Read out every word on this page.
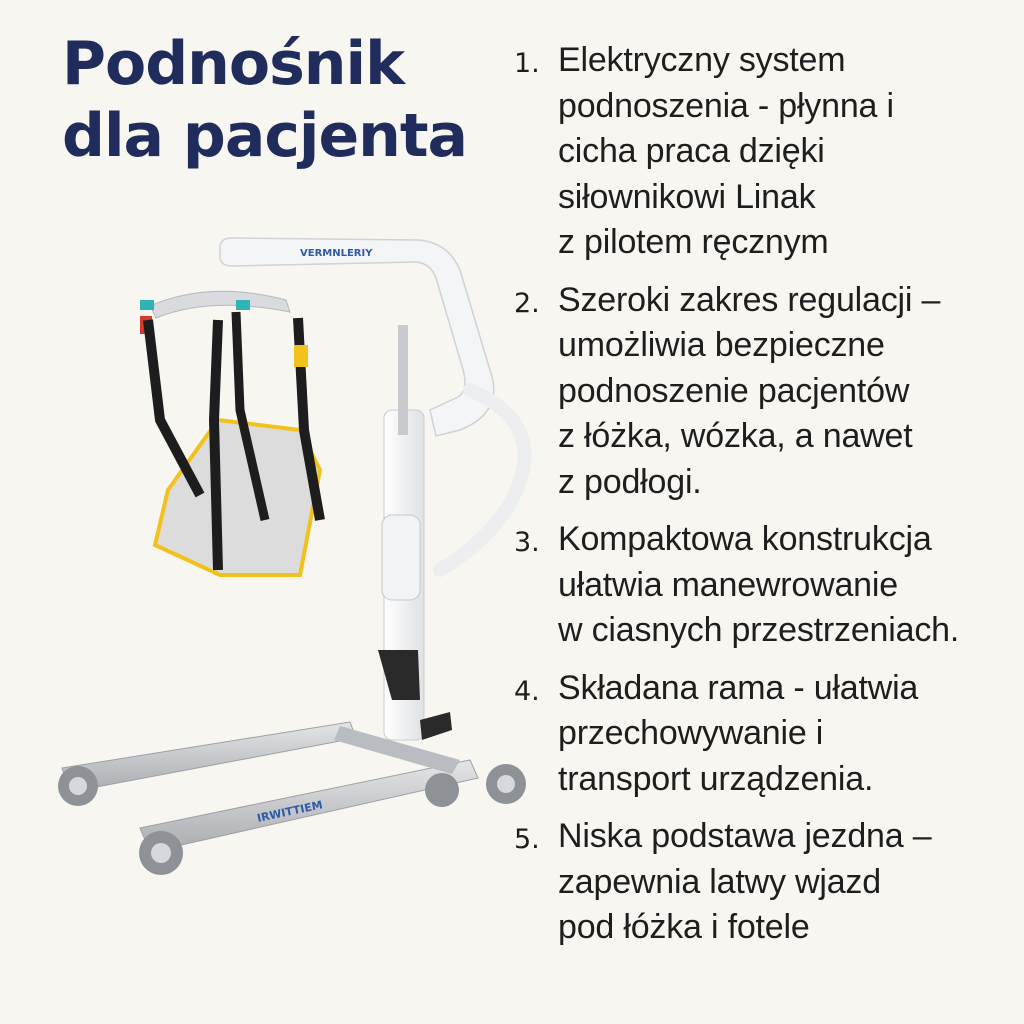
Podnośnik
dla pacjenta
1. Elektryczny system
podnoszenia - płynna i
cicha praca dzięki
siłownikowi Linak
z pilotem ręcznym
2. Szeroki zakres regulacji –
umożliwia bezpieczne
podnoszenie pacjentów
z łóżka, wózka, a nawet
z podłogi.
3. Kompaktowa konstrukcja
ułatwia manewrowanie
w ciasnych przestrzeniach.
4. Składana rama - ułatwia
przechowywanie i
transport urządzenia.
5. Niska podstawa jezdna –
zapewnia latwy wjazd
pod łóżka i fotele
IRWITTIEM
VERMNLERIY
